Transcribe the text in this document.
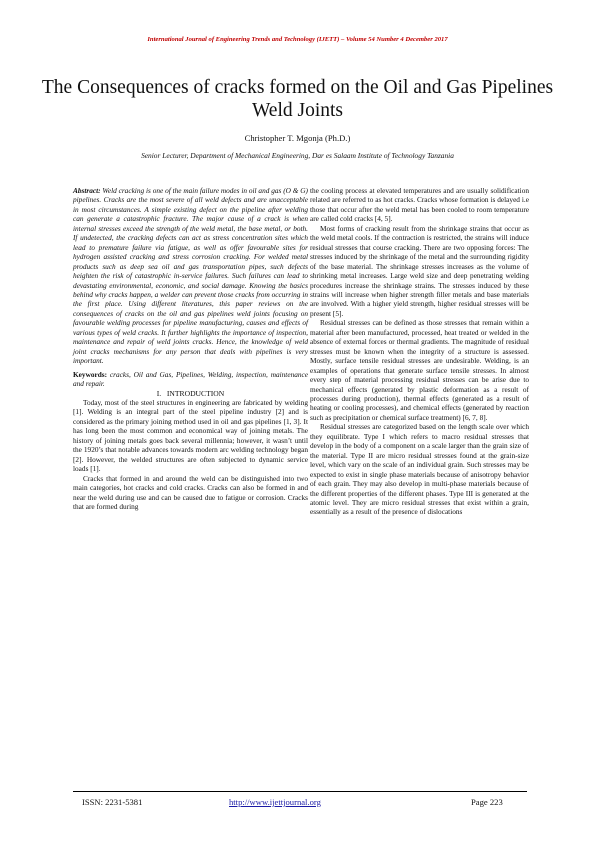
International Journal of Engineering Trends and Technology (IJETT) – Volume 54 Number 4 December 2017
The Consequences of cracks formed on the Oil and Gas Pipelines Weld Joints
Christopher T. Mgonja (Ph.D.)
Senior Lecturer, Department of Mechanical Engineering, Dar es Salaam Institute of Technology Tanzania

Abstract: Weld cracking is one of the main failure modes in oil and gas (O & G) pipelines. Cracks are the most severe of all weld defects and are unacceptable in most circumstances. A simple existing defect on the pipeline after welding can generate a catastrophic fracture. The major cause of a crack is when internal stresses exceed the strength of the weld metal, the base metal, or both. If undetected, the cracking defects can act as stress concentration sites which lead to premature failure via fatigue, as well as offer favourable sites for hydrogen assisted cracking and stress corrosion cracking. For welded metal products such as deep sea oil and gas transportation pipes, such defects heighten the risk of catastrophic in-service failures. Such failures can lead to devastating environmental, economic, and social damage. Knowing the basics behind why cracks happen, a welder can prevent those cracks from occurring in the first place. Using different literatures, this paper reviews on the consequences of cracks on the oil and gas pipelines weld joints focusing on favourable welding processes for pipeline manufacturing, causes and effects of various types of weld cracks. It further highlights the importance of inspection, maintenance and repair of weld joints cracks. Hence, the knowledge of weld joint cracks mechanisms for any person that deals with pipelines is very important.

Keywords: cracks, Oil and Gas, Pipelines, Welding, inspection, maintenance and repair.

I. INTRODUCTION

Today, most of the steel structures in engineering are fabricated by welding [1]. Welding is an integral part of the steel pipeline industry [2] and is considered as the primary joining method used in oil and gas pipelines [1, 3]. It has long been the most common and economical way of joining metals. The history of joining metals goes back several millennia; however, it wasn’t until the 1920’s that notable advances towards modern arc welding technology began [2]. However, the welded structures are often subjected to dynamic service loads [1].

Cracks that formed in and around the weld can be distinguished into two main categories, hot cracks and cold cracks. Cracks can also be formed in and near the weld during use and can be caused due to fatigue or corrosion. Cracks that are formed during

the cooling process at elevated temperatures and are usually solidification related are referred to as hot cracks. Cracks whose formation is delayed i.e those that occur after the weld metal has been cooled to room temperature are called cold cracks [4, 5].

Most forms of cracking result from the shrinkage strains that occur as the weld metal cools. If the contraction is restricted, the strains will induce residual stresses that course cracking. There are two opposing forces: The stresses induced by the shrinkage of the metal and the surrounding rigidity of the base material. The shrinkage stresses increases as the volume of shrinking metal increases. Large weld size and deep penetrating welding procedures increase the shrinkage strains. The stresses induced by these strains will increase when higher strength filler metals and base materials are involved. With a higher yield strength, higher residual stresses will be present [5].

Residual stresses can be defined as those stresses that remain within a material after been manufactured, processed, heat treated or welded in the absence of external forces or thermal gradients. The magnitude of residual stresses must be known when the integrity of a structure is assessed. Mostly, surface tensile residual stresses are undesirable. Welding, is an examples of operations that generate surface tensile stresses. In almost every step of material processing residual stresses can be arise due to mechanical effects (generated by plastic deformation as a result of processes during production), thermal effects (generated as a result of heating or cooling processes), and chemical effects (generated by reaction such as precipitation or chemical surface treatment) [6, 7, 8].

Residual stresses are categorized based on the length scale over which they equilibrate. Type I which refers to macro residual stresses that develop in the body of a component on a scale larger than the grain size of the material. Type II are micro residual stresses found at the grain-size level, which vary on the scale of an individual grain. Such stresses may be expected to exist in single phase materials because of anisotropy behavior of each grain. They may also develop in multi-phase materials because of the different properties of the different phases. Type III is generated at the atomic level. They are micro residual stresses that exist within a grain, essentially as a result of the presence of dislocations

ISSN: 2231-5381	http://www.ijettjournal.org	Page 223
